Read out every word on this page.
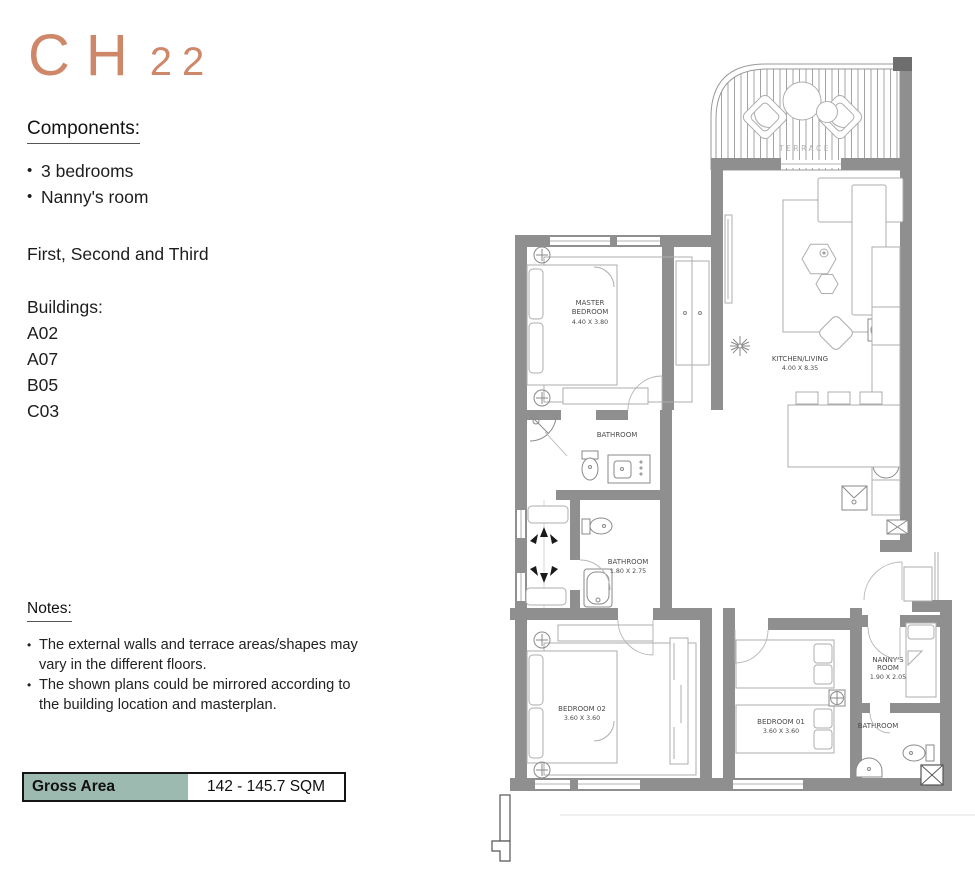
CH 22
Components:
• 3 bedrooms
• Nanny's room
First, Second and Third
Buildings:
A02
A07
B05
C03
Notes:
• The external walls and terrace areas/shapes may vary in the different floors.
• The shown plans could be mirrored according to the building location and masterplan.
Gross Area	142 - 145.7 SQM
TERRACE
MASTER
BEDROOM
4.40 X 3.80
KITCHEN/LIVING
4.00 X 8.35
BATHROOM
BATHROOM
1.80 X 2.75
BEDROOM 02
3.60 X 3.60	BEDROOM 01
3.60 X 3.60
NANNY'S
ROOM
1.90 X 2.05
BATHROOM
